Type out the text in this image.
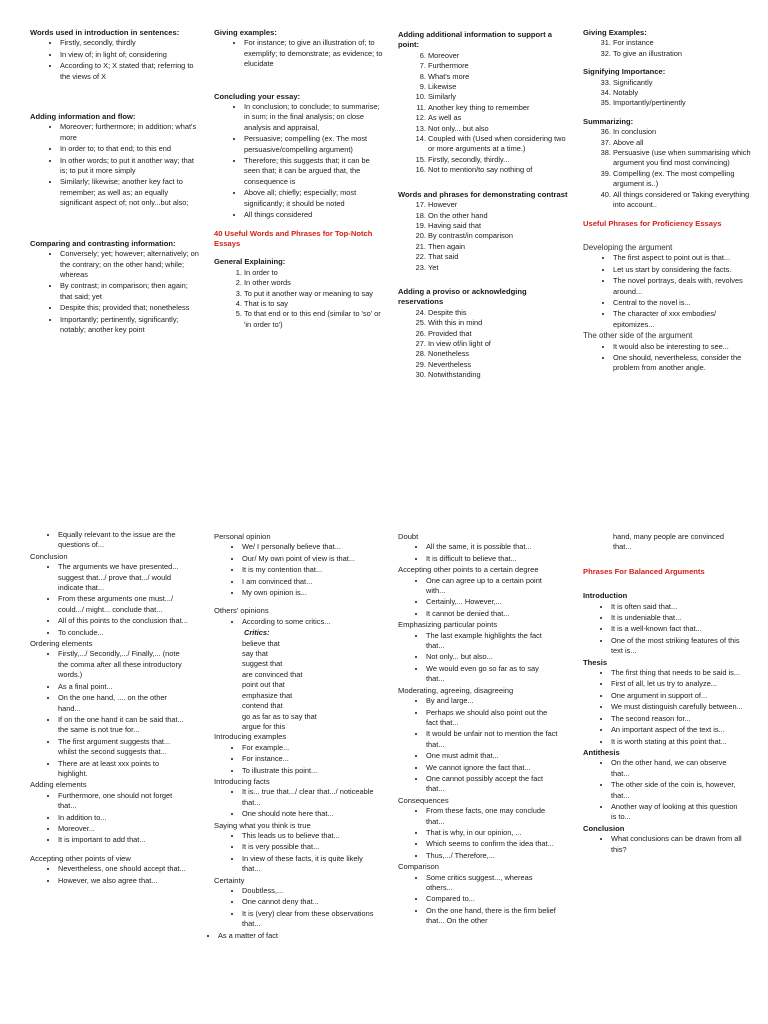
Words used in introduction in sentences:

• Firstly, secondly, thirdly
• In view of; in light of; considering
• According to X; X stated that; referring to the views of X

Adding information and flow:

• Moreover; furthermore; in addition; what's more
• In order to; to that end; to this end
• In other words; to put it another way; that is; to put it more simply
• Similarly; likewise; another key fact to remember; as well as; an equally significant aspect of; not only...but also;

Comparing and contrasting information:

• Conversely; yet; however; alternatively; on the contrary; on the other hand; while; whereas
• By contrast; in comparison; then again; that said; yet
• Despite this; provided that; nonetheless
• Importantly; pertinently, significantly; notably; another key point

Giving examples:

• For instance; to give an illustration of; to exemplify; to demonstrate; as evidence; to elucidate

Concluding your essay:

• In conclusion; to conclude; to summarise; in sum; in the final analysis; on close analysis and appraisal,
• Persuasive; compelling (ex. The most persuasive/compelling argument)
• Therefore; this suggests that; it can be seen that; it can be argued that, the consequence is
• Above all; chiefly; especially; most significantly; it should be noted
• All things considered

40 Useful Words and Phrases for Top-Notch Essays

General Explaining:

1. In order to
2. In other words
3. To put it another way or meaning to say
4. That is to say
5. To that end or to this end (similar to 'so' or 'in order to')

Adding additional information to support a point:

6. Moreover
7. Furthermore
8. What's more
9. Likewise
10. Similarly
11. Another key thing to remember
12. As well as
13. Not only... but also
14. Coupled with (Used when considering two or more arguments at a time.)
15. Firstly, secondly, thirdly...
16. Not to mention/to say nothing of

Words and phrases for demonstrating contrast

17. However
18. On the other hand
19. Having said that
20. By contrast/in comparison
21. Then again
22. That said
23. Yet

Adding a proviso or acknowledging reservations

24. Despite this
25. With this in mind
26. Provided that
27. In view of/in light of
28. Nonetheless
29. Nevertheless
30. Notwithstanding

Giving Examples:

31. For instance
32. To give an illustration

Signifying Importance:

33. Significantly
34. Notably
35. Importantly/pertinently

Summarizing:

36. In conclusion
37. Above all
38. Persuasive (use when summarising which argument you find most convincing)
39. Compelling (ex. The most compelling argument is..)
40. All things considered or Taking everything into account..

Useful Phrases for Proficiency Essays

Developing the argument

• The first aspect to point out is that...
• Let us start by considering the facts.
• The novel portrays, deals with, revolves around...
• Central to the novel is...
• The character of xxx embodies/ epitomizes...

The other side of the argument

• It would also be interesting to see...
• One should, nevertheless, consider the problem from another angle.
• Equally relevant to the issue are the questions of...

Conclusion

• The arguments we have presented... suggest that.../ prove that.../ would indicate that...
• From these arguments one must.../ could.../ might... conclude that...
• All of this points to the conclusion that...
• To conclude...

Ordering elements

• Firstly,.../ Secondly,.../ Finally,... (note the comma after all these introductory words.)
• As a final point...
• On the one hand, .... on the other hand...
• If on the one hand it can be said that... the same is not true for...
• The first argument suggests that... whilst the second suggests that...
• There are at least xxx points to highlight.

Adding elements

• Furthermore, one should not forget that...
• In addition to...
• Moreover...
• It is important to add that...

Accepting other points of view

• Nevertheless, one should accept that...
• However, we also agree that...

Personal opinion

• We/ I personally believe that...
• Our/ My own point of view is that...
• It is my contention that...
• I am convinced that...
• My own opinion is...

Others' opinions

• According to some critics...
Critics:
believe that
say that
suggest that
are convinced that
point out that
emphasize that
contend that
go as far as to say that
argue for this

Introducing examples

• For example...
• For instance...
• To illustrate this point...

Introducing facts

• It is... true that.../ clear that.../ noticeable that...
• One should note here that...

Saying what you think is true

• This leads us to believe that...
• It is very possible that...
• In view of these facts, it is quite likely that...

Certainty

• Doubtless,...
• One cannot deny that...
• It is (very) clear from these observations that...
• As a matter of fact

Doubt

• All the same, it is possible that...
• It is difficult to believe that...

Accepting other points to a certain degree

• One can agree up to a certain point with...
• Certainly,... However,...
• It cannot be denied that...

Emphasizing particular points

• The last example highlights the fact that...
• Not only... but also...
• We would even go so far as to say that...

Moderating, agreeing, disagreeing

• By and large...
• Perhaps we should also point out the fact that...
• It would be unfair not to mention the fact that...
• One must admit that...
• We cannot ignore the fact that...
• One cannot possibly accept the fact that...

Consequences

• From these facts, one may conclude that...
• That is why, in our opinion, ...
• Which seems to confirm the idea that...
• Thus,.../ Therefore,...

Comparison

• Some critics suggest..., whereas others...
• Compared to...
• On the one hand, there is the firm belief that... On the other
hand, many people are convinced that...

Phrases For Balanced Arguments

Introduction

• It is often said that...
• It is undeniable that...
• It is a well-known fact that...
• One of the most striking features of this text is...

Thesis

• The first thing that needs to be said is...
• First of all, let us try to analyze...
• One argument in support of...
• We must distinguish carefully between...
• The second reason for...
• An important aspect of the text is...
• It is worth stating at this point that...

Antithesis

• On the other hand, we can observe that...
• The other side of the coin is, however, that...
• Another way of looking at this question is to...

Conclusion

• What conclusions can be drawn from all this?
